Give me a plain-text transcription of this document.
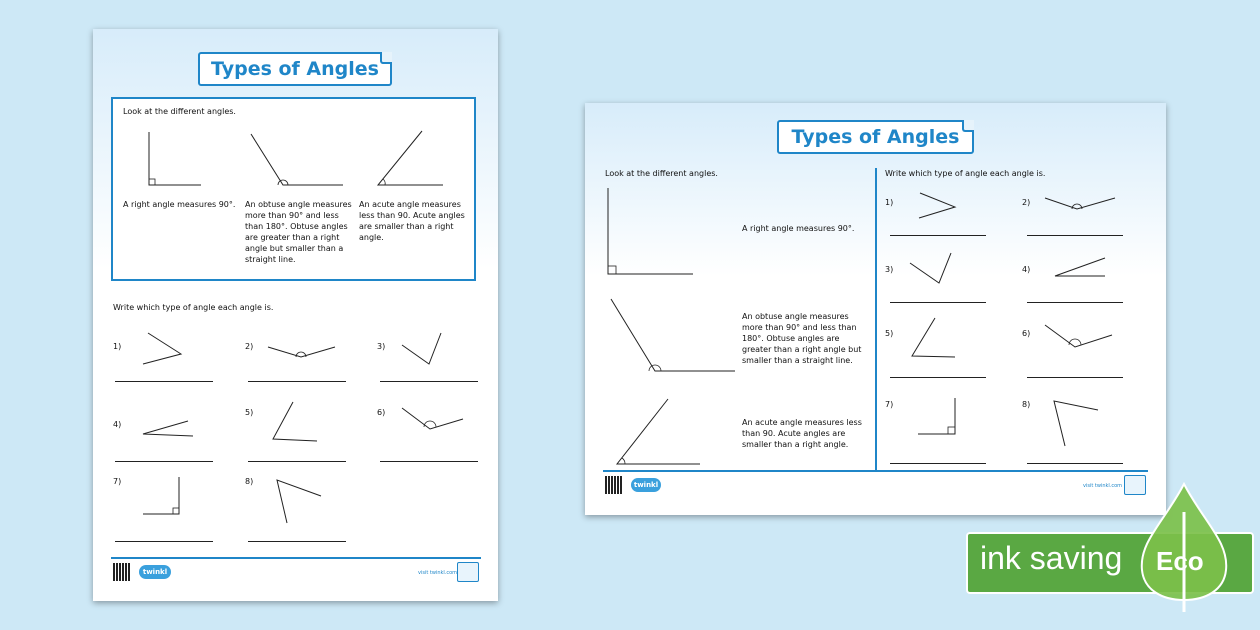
Types of Angles
Look at the different angles.
A right angle measures 90°.	An obtuse angle measures more than 90° and less than 180°. Obtuse angles are greater than a right angle but smaller than a straight line.
An acute angle measures less than 90. Acute angles are smaller than a right angle.
Write which type of angle each angle is.
1)	2)	3)
4)
5)	6)
7)	8)
twinkl	visit twinkl.com
Types of Angles
Look at the different angles.	Write which type of angle each angle is.
A right angle measures 90°.
An obtuse angle measures more than 90° and less than 180°. Obtuse angles are greater than a right angle but smaller than a straight line.
An acute angle measures less than 90. Acute angles are smaller than a right angle.
1)	2)
3)	4)
5)	6)
7)	8)
twinkl	visit twinkl.com
ink saving Eco
